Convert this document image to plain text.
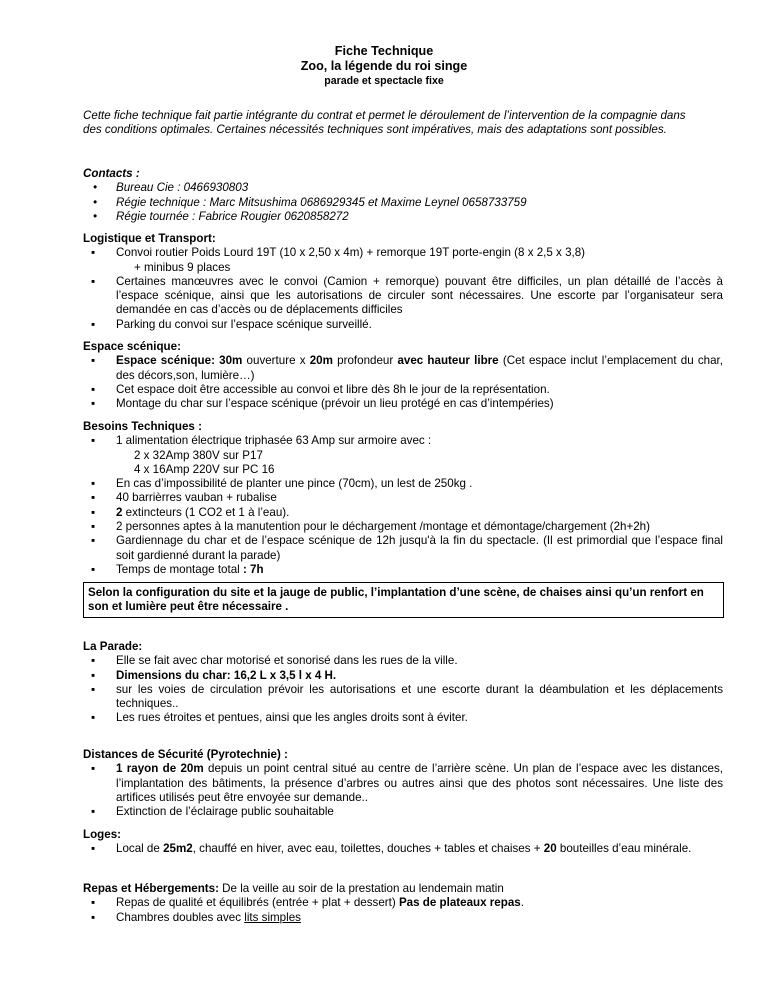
Fiche Technique
Zoo, la légende du roi singe
parade et spectacle fixe
Cette fiche technique fait partie intégrante du contrat et permet le déroulement de l’intervention de la compagnie dans des conditions optimales. Certaines nécessités techniques sont impératives, mais des adaptations sont possibles.
Contacts :
• Bureau Cie : 0466930803
• Régie technique : Marc Mitsushima 0686929345 et Maxime Leynel 0658733759
• Régie tournée : Fabrice Rougier 0620858272
Logistique et Transport:
▪ Convoi routier Poids Lourd 19T (10 x 2,50 x 4m) + remorque 19T porte-engin (8 x 2,5 x 3,8)
+ minibus 9 places
▪ Certaines manœuvres avec le convoi (Camion + remorque) pouvant être difficiles, un plan détaillé de l’accès à l’espace scénique, ainsi que les autorisations de circuler sont nécessaires. Une escorte par l’organisateur sera demandée en cas d’accès ou de déplacements difficiles
▪ Parking du convoi sur l’espace scénique surveillé.
Espace scénique:
▪ Espace scénique: 30m ouverture x 20m profondeur avec hauteur libre (Cet espace inclut l’emplacement du char, des décors,son, lumière…)
▪ Cet espace doit être accessible au convoi et libre dès 8h le jour de la représentation.
▪ Montage du char sur l’espace scénique (prévoir un lieu protégé en cas d’intempéries)
Besoins Techniques :
▪ 1 alimentation électrique triphasée 63 Amp sur armoire avec :
2 x 32Amp 380V sur P17
4 x 16Amp 220V sur PC 16
▪ En cas d’impossibilité de planter une pince (70cm), un lest de 250kg .
▪ 40 barrièrres vauban + rubalise
▪ 2 extincteurs (1 CO2 et 1 à l’eau).
▪ 2 personnes aptes à la manutention pour le déchargement /montage et démontage/chargement (2h+2h)
▪ Gardiennage du char et de l’espace scénique de 12h jusqu'à la fin du spectacle. (Il est primordial que l’espace final soit gardienné durant la parade)
▪ Temps de montage total : 7h
Selon la configuration du site et la jauge de public, l’implantation d’une scène, de chaises ainsi qu’un renfort en son et lumière peut être nécessaire .
La Parade:
▪ Elle se fait avec char motorisé et sonorisé dans les rues de la ville.
▪ Dimensions du char: 16,2 L x 3,5 l x 4 H.
▪ sur les voies de circulation prévoir les autorisations et une escorte durant la déambulation et les déplacements techniques..
▪ Les rues étroites et pentues, ainsi que les angles droits sont à éviter.
Distances de Sécurité (Pyrotechnie) :
▪ 1 rayon de 20m depuis un point central situé au centre de l’arrière scène. Un plan de l’espace avec les distances, l’implantation des bâtiments, la présence d’arbres ou autres ainsi que des photos sont nécessaires. Une liste des artifices utilisés peut être envoyée sur demande..
▪ Extinction de l’éclairage public souhaitable
Loges:
▪ Local de 25m2, chauffé en hiver, avec eau, toilettes, douches + tables et chaises + 20 bouteilles d’eau minérale.
Repas et Hébergements: De la veille au soir de la prestation au lendemain matin
▪ Repas de qualité et équilibrés (entrée + plat + dessert) Pas de plateaux repas.
▪ Chambres doubles avec lits simples
